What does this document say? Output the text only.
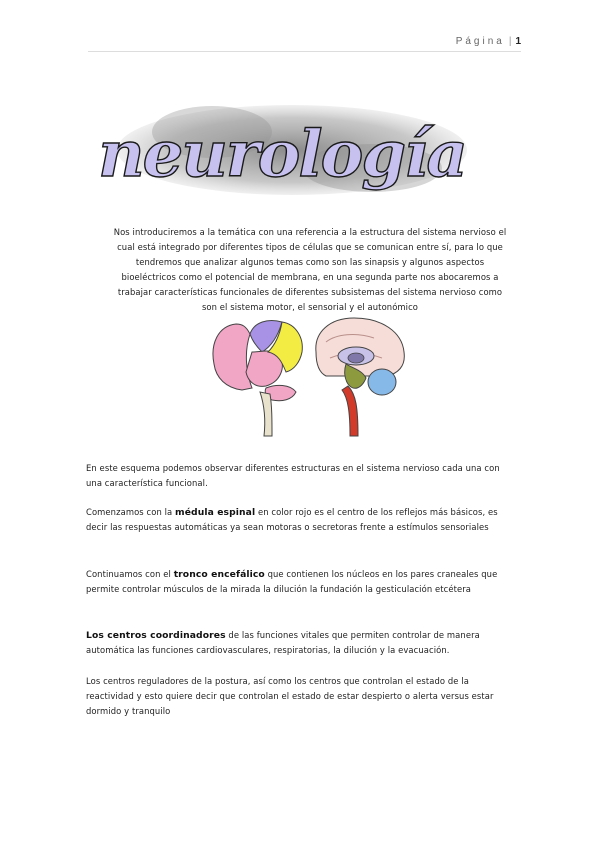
Página | 1
neurología
Nos introduciremos a la temática con una referencia a la estructura del sistema nervioso el cual está integrado por diferentes tipos de células que se comunican entre sí, para lo que tendremos que analizar algunos temas como son las sinapsis y algunos aspectos bioeléctricos como el potencial de membrana, en una segunda parte nos abocaremos a trabajar características funcionales de diferentes subsistemas del sistema nervioso como son el sistema motor, el sensorial y el autonómico
En este esquema podemos observar diferentes estructuras en el sistema nervioso cada una con una característica funcional.
Comenzamos con la médula espinal en color rojo es el centro de los reflejos más básicos, es decir las respuestas automáticas ya sean motoras o secretoras frente a estímulos sensoriales
Continuamos con el tronco encefálico que contienen los núcleos en los pares craneales que permite controlar músculos de la mirada la dilución la fundación la gesticulación etcétera
Los centros coordinadores de las funciones vitales que permiten controlar de manera automática las funciones cardiovasculares, respiratorias, la dilución y la evacuación.
Los centros reguladores de la postura, así como los centros que controlan el estado de la reactividad y esto quiere decir que controlan el estado de estar despierto o alerta versus estar dormido y tranquilo
